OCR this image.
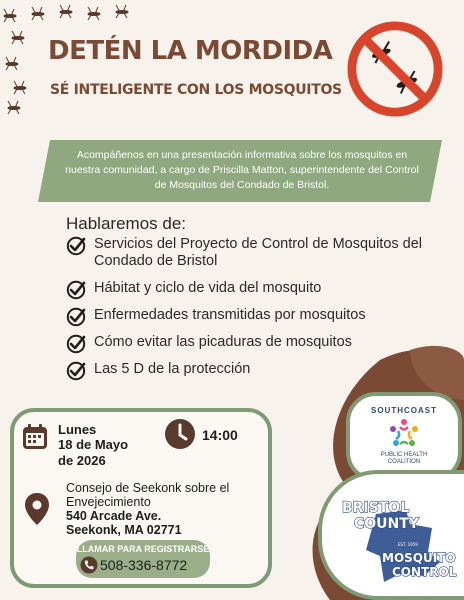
DETÉN LA MORDIDA
SÉ INTELIGENTE CON LOS MOSQUITOS
Acompáñenos en una presentación informativa sobre los mosquitos en nuestra comunidad, a cargo de Priscilla Matton, superintendente del Control de Mosquitos del Condado de Bristol.
Hablaremos de:
Servicios del Proyecto de Control de Mosquitos del Condado de Bristol
Hábitat y ciclo de vida del mosquito
Enfermedades transmitidas por mosquitos
Cómo evitar las picaduras de mosquitos
Las 5 D de la protección
Lunes
18 de Mayo
de 2026
14:00
Consejo de Seekonk sobre el
Envejecimiento
540 Arcade Ave.
Seekonk, MA 02771
LLAMAR PARA REGISTRARSE
508-336-8772
SOUTHCOAST
PUBLIC HEALTH
COALITION
BRISTOL
COUNTY
MOSQUITO
CONTROL
EST. 1959
